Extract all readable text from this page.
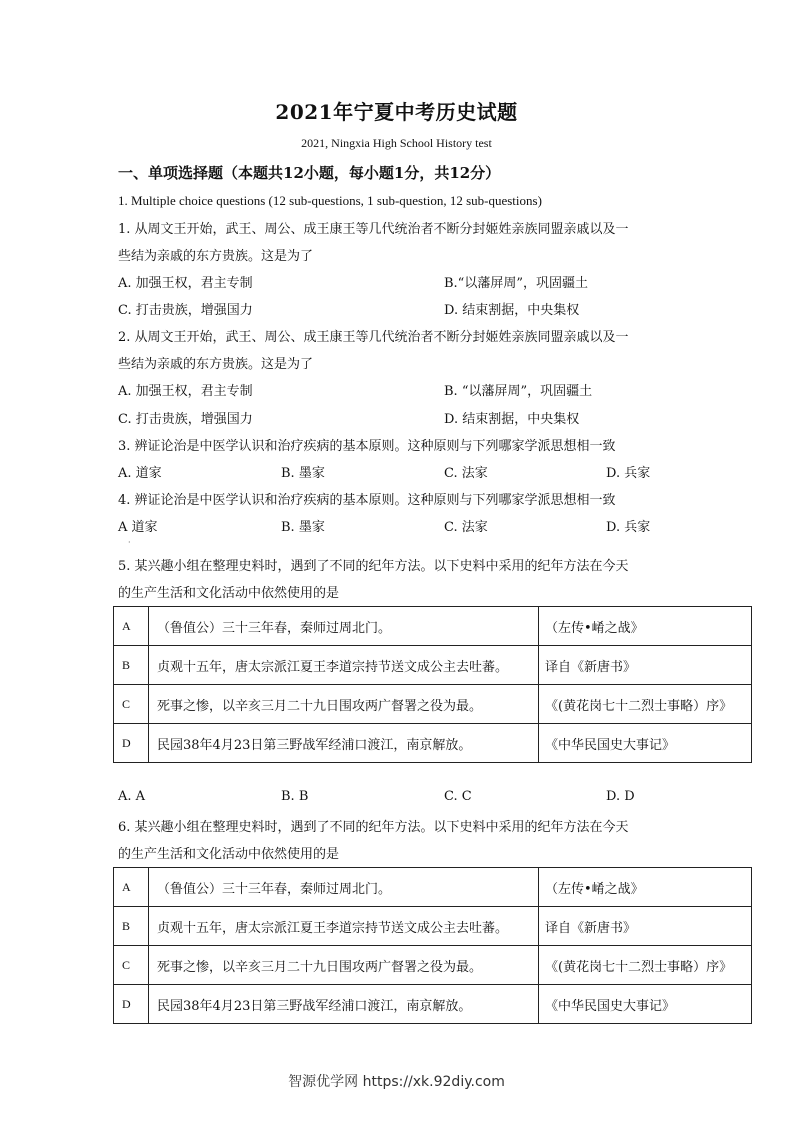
2021年宁夏中考历史试题
2021, Ningxia High School History test
一、单项选择题（本题共12小题，每小题1分，共12分）
1. Multiple choice questions (12 sub-questions, 1 sub-question, 12 sub-questions)
1. 从周文王开始，武王、周公、成王康王等几代统治者不断分封姬姓亲族同盟亲戚以及一
些结为亲戚的东方贵族。这是为了
A. 加强王权，君主专制	B.“以藩屏周”，巩固疆土
C. 打击贵族，增强国力	D. 结束割据，中央集权
2. 从周文王开始，武王、周公、成王康王等几代统治者不断分封姬姓亲族同盟亲戚以及一
些结为亲戚的东方贵族。这是为了
A. 加强王权，君主专制	B. “以藩屏周”，巩固疆土
C. 打击贵族，增强国力	D. 结束割据，中央集权
3. 辨证论治是中医学认识和治疗疾病的基本原则。这种原则与下列哪家学派思想相一致
A. 道家	B. 墨家	C. 法家	D. 兵家
4. 辨证论治是中医学认识和治疗疾病的基本原则。这种原则与下列哪家学派思想相一致
A 道家	B. 墨家	C. 法家	D. 兵家
·
5. 某兴趣小组在整理史料时，遇到了不同的纪年方法。以下史料中采用的纪年方法在今天
的生产生活和文化活动中依然使用的是
A	（鲁值公）三十三年春，秦师过周北门。	（左传•崤之战》
B	贞观十五年，唐太宗派江夏王李道宗持节送文成公主去吐蕃。	译自《新唐书》
C	死事之惨，以辛亥三月二十九日围攻两广督署之役为最。	《(黄花岗七十二烈士事略）序》
D	民园38年4月23日第三野战军经浦口渡江，南京解放。	《中华民国史大事记》
A. A	B. B	C. C	D. D
6. 某兴趣小组在整理史料时，遇到了不同的纪年方法。以下史料中采用的纪年方法在今天
的生产生活和文化活动中依然使用的是
A	（鲁值公）三十三年春，秦师过周北门。	（左传•崤之战》
B	贞观十五年，唐太宗派江夏王李道宗持节送文成公主去吐蕃。	译自《新唐书》
C	死事之惨，以辛亥三月二十九日围攻两广督署之役为最。	《(黄花岗七十二烈士事略）序》
D	民园38年4月23日第三野战军经浦口渡江，南京解放。	《中华民国史大事记》
智源优学网 https://xk.92diy.com
